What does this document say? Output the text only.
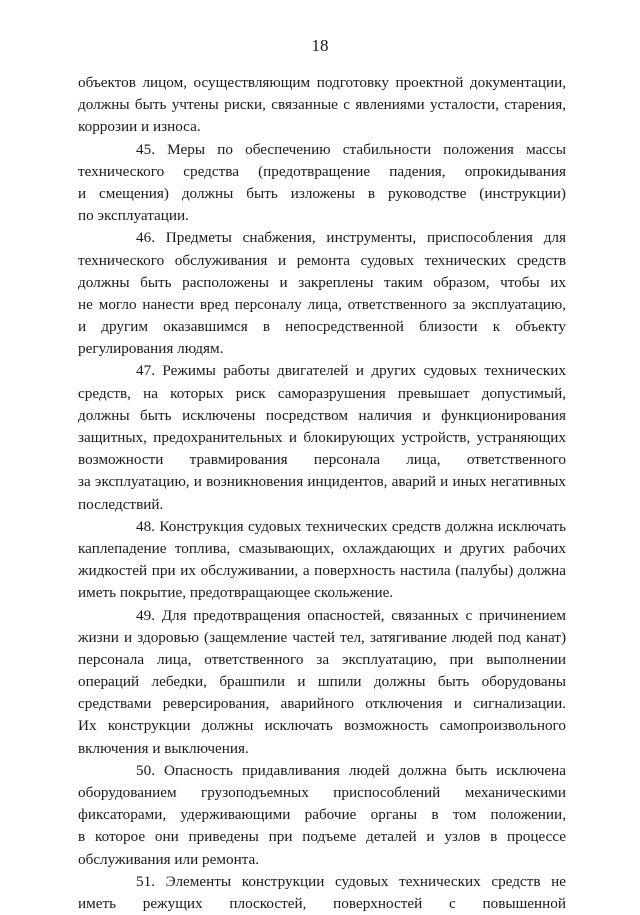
18
объектов лицом, осуществляющим подготовку проектной документации,
должны быть учтены риски, связанные с явлениями усталости, старения,
коррозии и износа.
45. Меры по обеспечению стабильности положения массы
технического средства (предотвращение падения, опрокидывания
и смещения) должны быть изложены в руководстве (инструкции)
по эксплуатации.
46. Предметы снабжения, инструменты, приспособления для
технического обслуживания и ремонта судовых технических средств
должны быть расположены и закреплены таким образом, чтобы их
не могло нанести вред персоналу лица, ответственного за эксплуатацию,
и другим оказавшимся в непосредственной близости к объекту
регулирования людям.
47. Режимы работы двигателей и других судовых технических
средств, на которых риск саморазрушения превышает допустимый,
должны быть исключены посредством наличия и функционирования
защитных, предохранительных и блокирующих устройств, устраняющих
возможности травмирования персонала лица, ответственного
за эксплуатацию, и возникновения инцидентов, аварий и иных негативных
последствий.
48. Конструкция судовых технических средств должна исключать
каплепадение топлива, смазывающих, охлаждающих и других рабочих
жидкостей при их обслуживании, а поверхность настила (палубы) должна
иметь покрытие, предотвращающее скольжение.
49. Для предотвращения опасностей, связанных с причинением
жизни и здоровью (защемление частей тел, затягивание людей под канат)
персонала лица, ответственного за эксплуатацию, при выполнении
операций лебедки, брашпили и шпили должны быть оборудованы
средствами реверсирования, аварийного отключения и сигнализации.
Их конструкции должны исключать возможность самопроизвольного
включения и выключения.
50. Опасность придавливания людей должна быть исключена
оборудованием грузоподъемных приспособлений механическими
фиксаторами, удерживающими рабочие органы в том положении,
в которое они приведены при подъеме деталей и узлов в процессе
обслуживания или ремонта.
51. Элементы конструкции судовых технических средств не
иметь режущих плоскостей, поверхностей с повышенной
